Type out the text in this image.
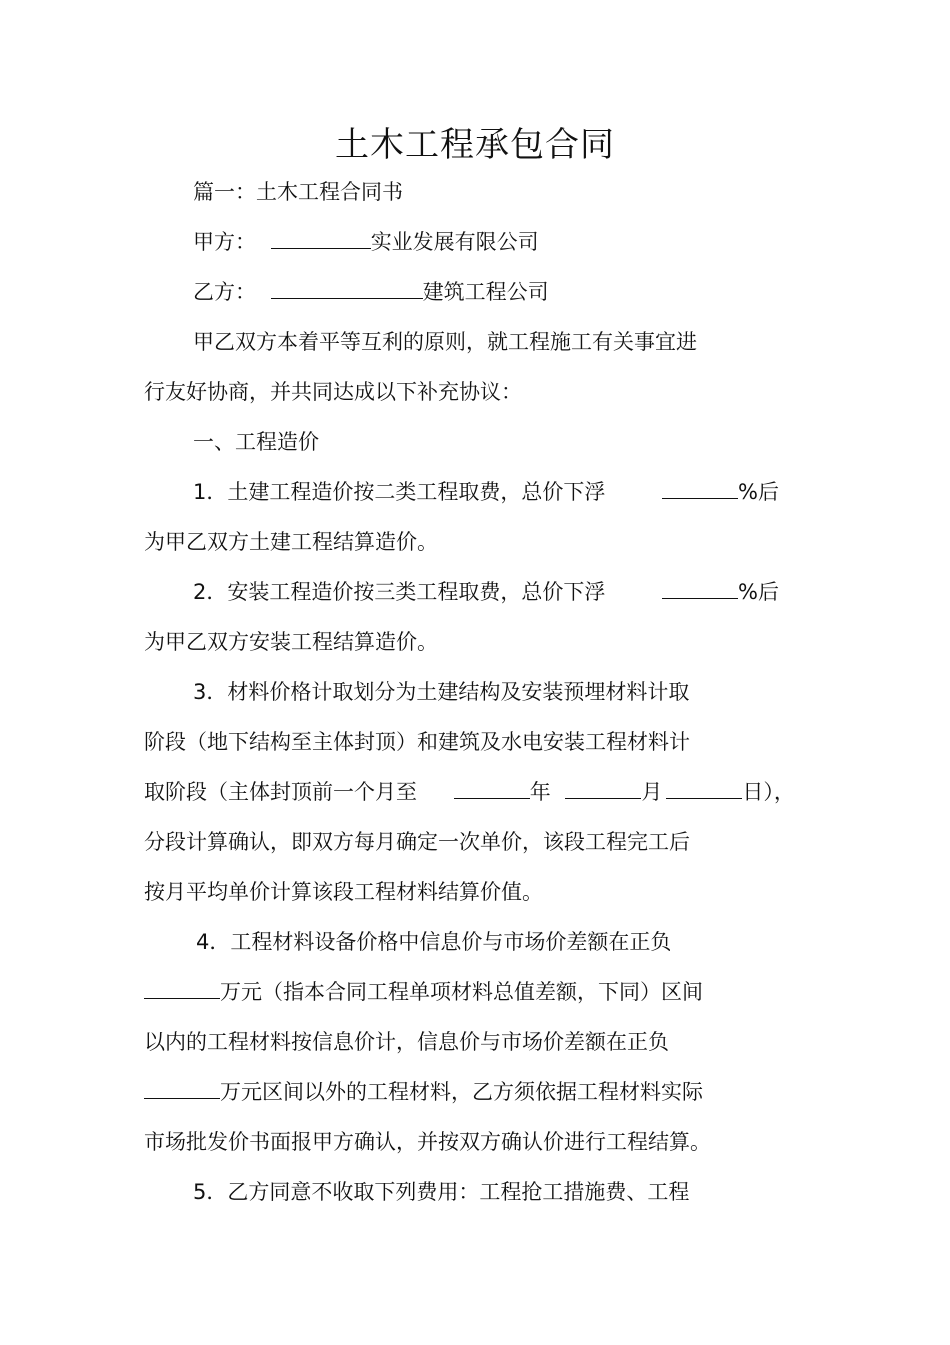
土木工程承包合同
篇一：土木工程合同书
甲方：	实业发展有限公司
乙方：	建筑工程公司
甲乙双方本着平等互利的原则，就工程施工有关事宜进
行友好协商，并共同达成以下补充协议：
一、工程造价
1．土建工程造价按二类工程取费，总价下浮	%后
为甲乙双方土建工程结算造价。
2．安装工程造价按三类工程取费，总价下浮	%后
为甲乙双方安装工程结算造价。
3．材料价格计取划分为土建结构及安装预埋材料计取
阶段（地下结构至主体封顶）和建筑及水电安装工程材料计
取阶段（主体封顶前一个月至	年	月	日），
分段计算确认，即双方每月确定一次单价，该段工程完工后
按月平均单价计算该段工程材料结算价值。
4．工程材料设备价格中信息价与市场价差额在正负
万元（指本合同工程单项材料总值差额，下同）区间
以内的工程材料按信息价计，信息价与市场价差额在正负
万元区间以外的工程材料，乙方须依据工程材料实际
市场批发价书面报甲方确认，并按双方确认价进行工程结算。
5．乙方同意不收取下列费用：工程抢工措施费、工程
